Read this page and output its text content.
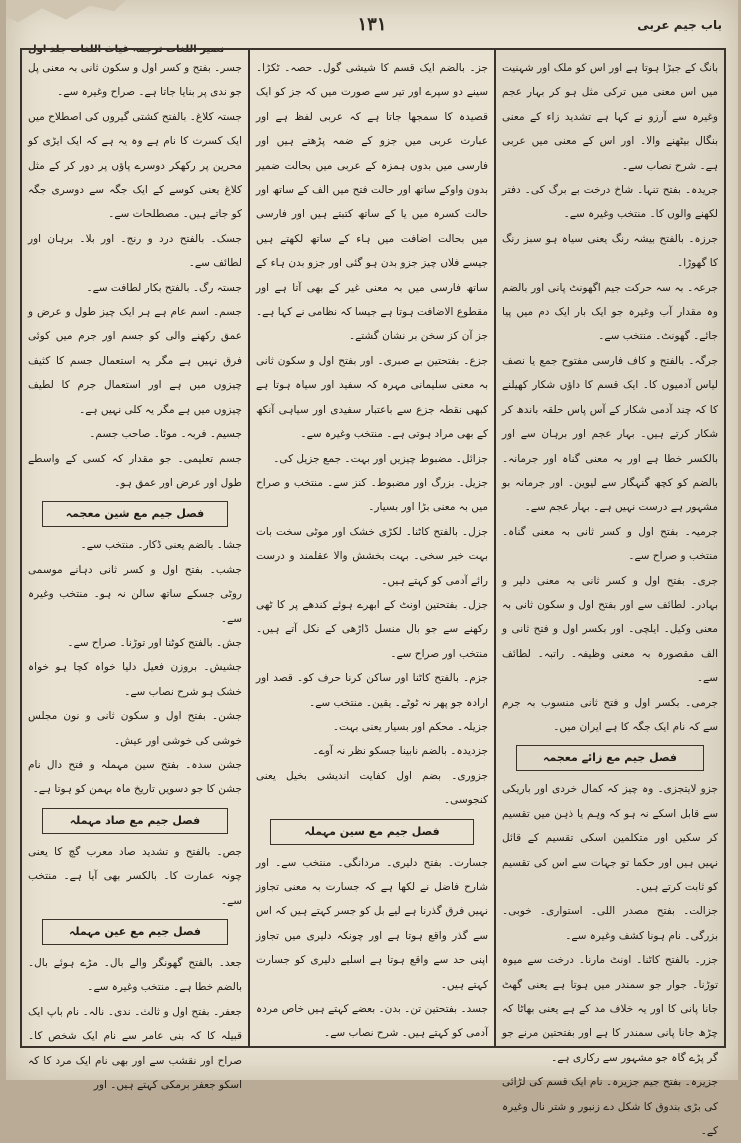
باب جیم عربی
۱۳۱
نصیر اللغات ترجمہ غیاث اللغات جلد اول

بانگ کے جبڑا ہوتا ہے اور اس کو ملک اور شہنیت میں اس معنی میں ترکی مثل ہو کر بہار عجم وغیرہ سے آرزو نے کہا ہے تشدید زاء کے معنی بنگال بیٹھنے والا۔ اور اس کے معنی میں عربی ہے۔ شرح نصاب سے۔

جریدہ۔ بفتح تنہا۔ شاخ درخت بے برگ کی۔ دفتر لکھنے والوں کا۔ منتخب وغیرہ سے۔

جرزہ۔ بالفتح بیشہ رنگ یعنی سیاہ ہو سبز رنگ کا گھوڑا۔

جرعہ۔ بہ سہ حرکت جیم اگھونٹ پانی اور بالضم وہ مقدار آب وغیرہ جو ایک بار ایک دم میں پیا جائے۔ گھونٹ۔ منتخب سے۔

جرگہ۔ بالفتح و کاف فارسی مفتوح جمع یا نصف لیاس آدمیوں کا۔ ایک قسم کا داؤں شکار کھیلنے کا کہ چند آدمی شکار کے آس پاس حلقہ باندھ کر شکار کرتے ہیں۔ بہار عجم اور برہان سے اور بالکسر خطا ہے اور بہ معنی گناہ اور جرمانہ۔ بالضم کو کچھ گنہگار سے لیوین۔ اور جرمانہ بو مشہور ہے درست نہیں ہے۔ بہار عجم سے۔

جرمیہ۔ بفتح اول و کسر ثانی بہ معنی گناہ۔ منتخب و صراح سے۔

جری۔ بفتح اول و کسر ثانی بہ معنی دلیر و بہادر۔ لطائف سے اور بفتح اول و سکون ثانی بہ معنی وکیل۔ ایلچی۔ اور بکسر اول و فتح ثانی و الف مقصورہ بہ معنی وظیفہ۔ راتبہ۔ لطائف سے۔

جرمی۔ بکسر اول و فتح ثانی منسوب بہ جرم سے کہ نام ایک جگہ کا ہے ایران میں۔

فصل جیم مع زائے معجمہ

جزو لایتجزی۔ وہ چیز کہ کمال خردی اور باریکی سے قابل اسکے نہ ہو کہ وہم یا ذہن میں تقسیم کر سکیں اور متکلمین اسکی تقسیم کے قائل نہیں ہیں اور حکما تو جہات سے اس کی تقسیم کو ثابت کرتے ہیں۔

جزالت۔ بفتح مصدر اللی۔ استواری۔ خوبی۔ بزرگی۔ نام ہونا کشف وغیرہ سے۔

جزر۔ بالفتح کاٹنا۔ اونٹ مارنا۔ درخت سے میوہ توڑنا۔ جوار جو سمندر میں ہوتا ہے یعنی گھٹ جانا پانی کا اور یہ خلاف مد کے ہے یعنی بھاٹا کہ چڑھ جانا پانی سمندر کا ہے اور بفتحتین مرنے جو گر پڑے گاہ جو مشہور سے رکاری ہے۔

جزیرہ۔ بفتح جیم جزیرہ۔ نام ایک قسم کی لڑائی کی بڑی بندوق کا شکل دے زنبور و شتر نال وغیرہ کے۔

جز۔ بالضم ایک قسم کا شیشی گول۔ حصہ۔ ٹکڑا۔ سینے دو سپرے اور تیر سے صورت میں کہ جز کو ایک قصیدہ کا سمجھا جاتا ہے کہ عربی لفظ ہے اور عبارت عربی میں جزو کے ضمہ پڑھتے ہیں اور فارسی میں بدوں ہمزہ کے عربی میں بحالت ضمیر بدون واوکے ساتھ اور حالت فتح میں الف کے ساتھ اور حالت کسرہ میں یا کے ساتھ کتبتے ہیں اور فارسی میں بحالت اضافت میں ہاء کے ساتھ لکھتے ہیں جیسے فلاں چیز جزو بدن ہو گئی اور جزو بدن ہاء کے ساتھ فارسی میں بہ معنی غیر کے بھی آتا ہے اور مقطوع الاضافت ہوتا ہے جیسا کہ نظامی نے کہا ہے۔ جز آن کز سخن بر نشان گشتے۔

جزع۔ بفتحتین بے صبری۔ اور بفتح اول و سکون ثانی بہ معنی سلیمانی مہرہ کہ سفید اور سیاہ ہوتا ہے کبھی نقطہ جزع سے باعتبار سفیدی اور سیاہی آنکھ کے بھی مراد ہوتی ہے۔ منتخب وغیرہ سے۔

جزائل۔ مضبوط چیزیں اور بہت۔ جمع جزیل کی۔

جزیل۔ بزرگ اور مضبوط۔ کنز سے۔ منتخب و صراح میں بہ معنی بڑا اور بسیار۔

جزل۔ بالفتح کاٹنا۔ لکڑی خشک اور موٹی سخت بات بہت خیر سخی۔ بہت بخشش والا عقلمند و درست رائے آدمی کو کہتے ہیں۔

جزل۔ بفتحتین اونٹ کے ابھرے ہوئے کندھے پر کا ٹھی رکھنے سے جو بال منسل ڈاڑھی کے نکل آتے ہیں۔ منتخب اور صراح سے۔

جزم۔ بالفتح کاٹنا اور ساکن کرنا حرف کو۔ قصد اور ارادہ جو پھر نہ ٹوٹے۔ یقین۔ منتخب سے۔

جزیلہ۔ محکم اور بسیار یعنی بہت۔

جزدیدہ۔ بالضم نابینا جسکو نظر نہ آوے۔

جزوری۔ بضم اول کفایت اندیشی بخیل یعنی کنجوسی۔

فصل جیم مع سین مہملہ

جسارت۔ بفتح دلیری۔ مردانگی۔ منتخب سے۔ اور شارح فاضل نے لکھا ہے کہ جسارت بہ معنی تجاوز نہیں فرق گذرنا ہے لیے بل کو جسر کہتے ہیں کہ اس سے گذر واقع ہوتا ہے اور چونکہ دلیری میں تجاوز اپنی حد سے واقع ہوتا ہے اسلیے دلیری کو جسارت کہتے ہیں۔

جسد۔ بفتحتین تن۔ بدن۔ بعضے کہتے ہیں خاص مردہ آدمی کو کہتے ہیں۔ شرح نصاب سے۔

جسر۔ بفتح و کسر اول و سکون ثانی بہ معنی پل جو ندی پر بنایا جاتا ہے۔ صراح وغیرہ سے۔

جستہ کلاغ۔ بالفتح کشتی گیروں کی اصطلاح میں ایک کسرت کا نام ہے وہ یہ ہے کہ ایک ایڑی کو محرین پر رکھکر دوسرے پاؤں پر دور کر کے مثل کلاغ یعنی کوسے کے ایک جگہ سے دوسری جگہ کو جاتے ہیں۔ مصطلحات سے۔

جسک۔ بالفتح درد و رنج۔ اور بلا۔ برہان اور لطائف سے۔

جستہ رگ۔ بالفتح بکار لطافت سے۔

جسم۔ اسم عام ہے ہر ایک چیز طول و عرض و عمق رکھنے والی کو جسم اور جرم میں کوئی فرق نہیں ہے مگر یہ استعمال جسم کا کثیف چیزوں میں ہے اور استعمال جرم کا لطیف چیزوں میں ہے مگر یہ کلی نہیں ہے۔

جسیم۔ فربہ۔ موٹا۔ صاحب جسم۔

جسم تعلیمی۔ جو مقدار کہ کسی کے واسطے طول اور عرض اور عمق ہو۔

فصل جیم مع شین معجمہ

جشا۔ بالضم یعنی ڈکار۔ منتخب سے۔

جشب۔ بفتح اول و کسر ثانی دہانے موسمی روٹی جسکے ساتھ سالن نہ ہو۔ منتخب وغیرہ سے۔

جش۔ بالفتح کوٹنا اور توڑنا۔ صراح سے۔

جشیش۔ بروزن فعیل دلیا خواہ کچا ہو خواہ خشک ہو شرح نصاب سے۔

جشن۔ بفتح اول و سکون ثانی و نون مجلس خوشی کی خوشی اور عیش۔

جشن سدہ۔ بفتح سین مہملہ و فتح دال نام جشن کا جو دسویں تاریخ ماہ بہمن کو ہوتا ہے۔

فصل جیم مع صاد مہملہ

جص۔ بالفتح و تشدید صاد معرب گچ کا یعنی چونہ عمارت کا۔ بالکسر بھی آیا ہے۔ منتخب سے۔

فصل جیم مع عین مہملہ

جعد۔ بالفتح گھونگر والے بال۔ مڑے ہوئے بال۔ بالضم خطا ہے۔ منتخب وغیرہ سے۔

جعفر۔ بفتح اول و ثالث۔ ندی۔ نالہ۔ نام باپ ایک قبیلہ کا کہ بنی عامر سے نام ایک شخص کا۔ صراح اور نقشب سے اور بھی نام ایک مرد کا کہ اسکو جعفر برمکی کہتے ہیں۔ اور
